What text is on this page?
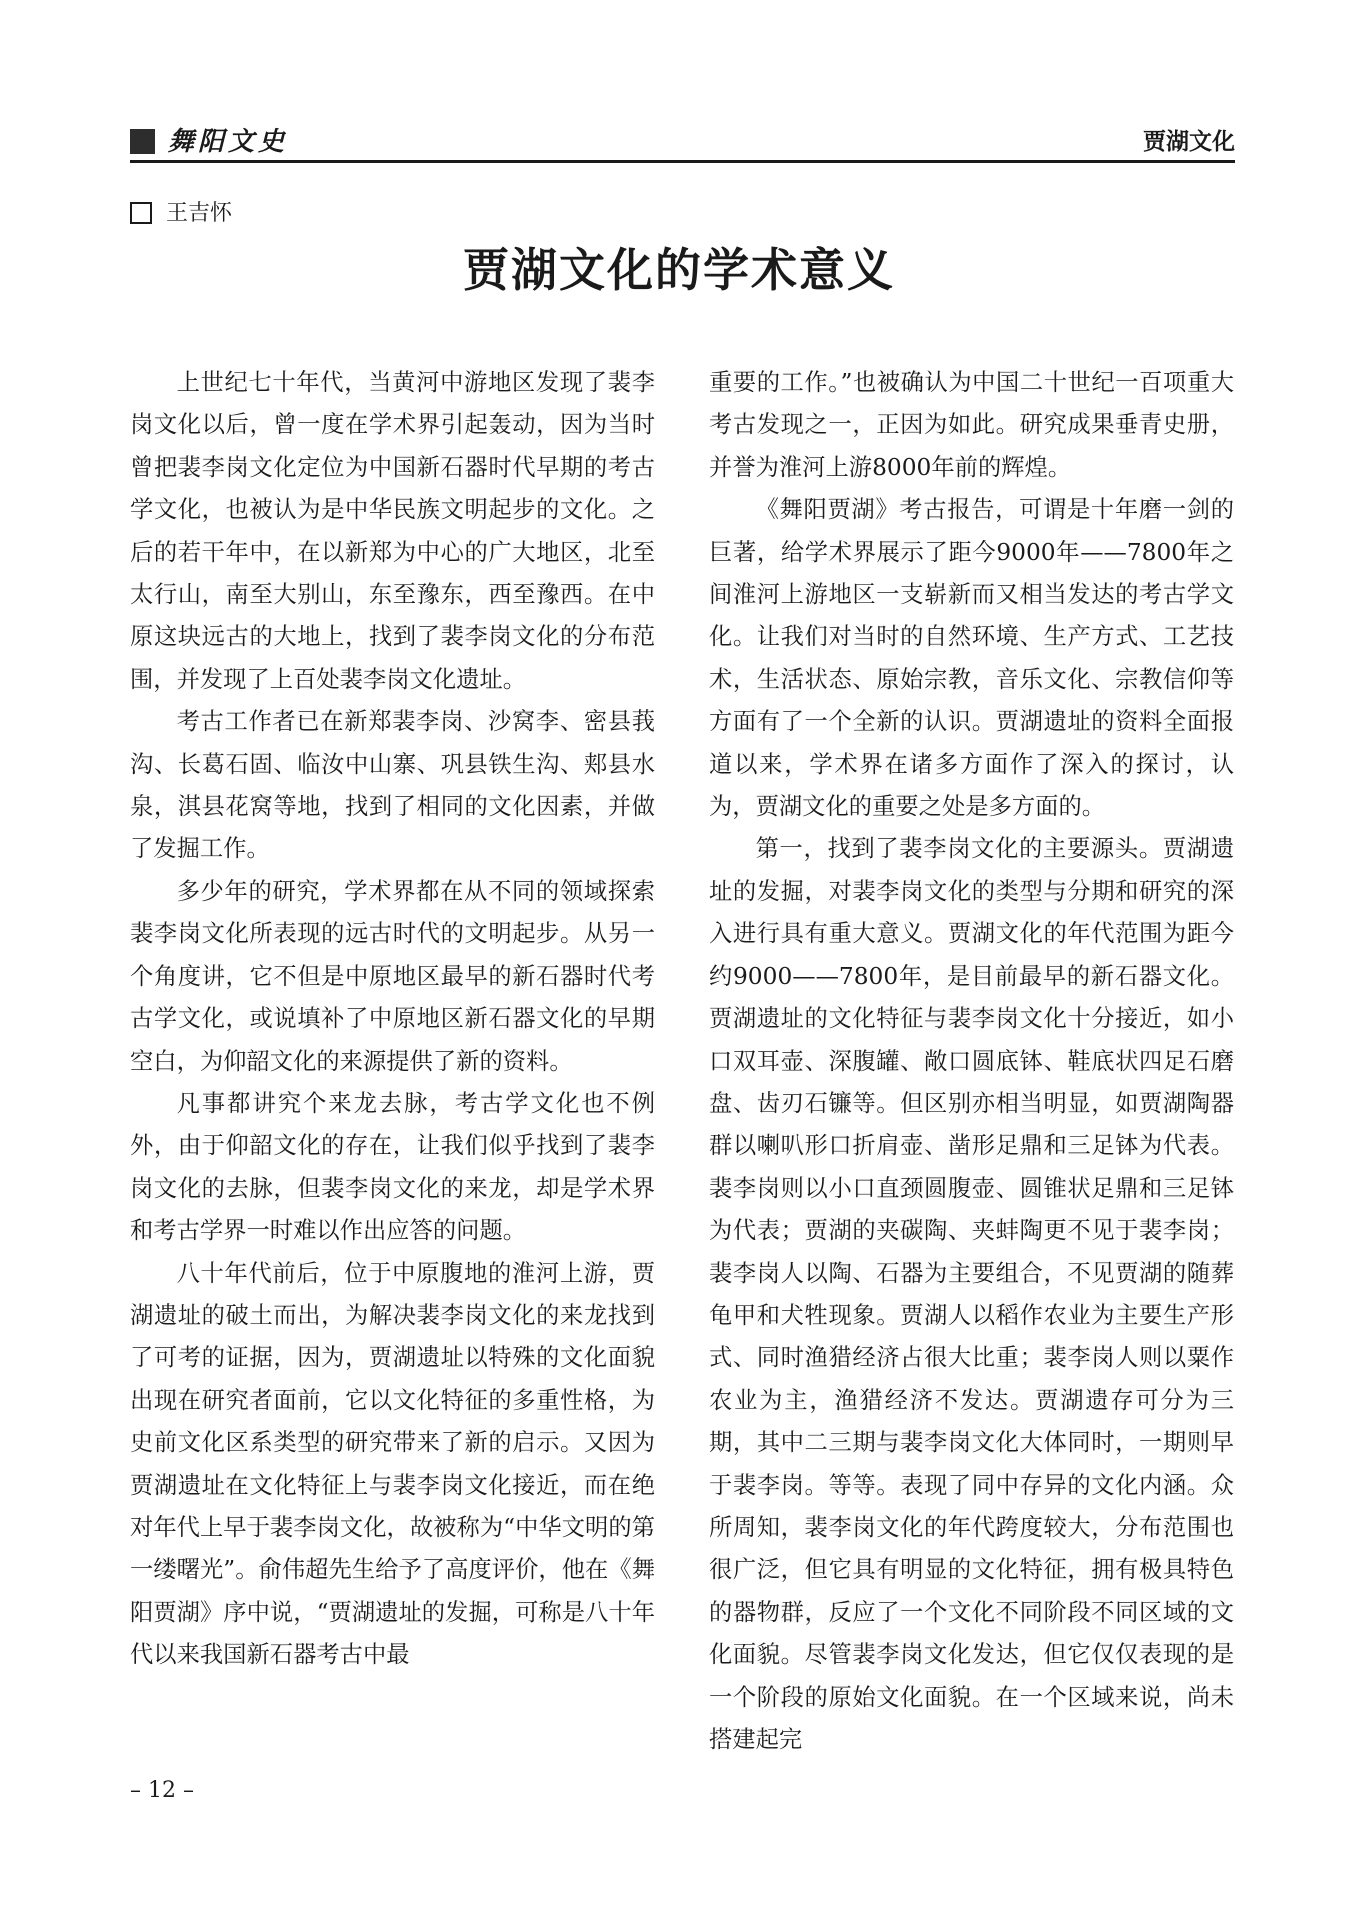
舞阳文史	贾湖文化
王吉怀
贾湖文化的学术意义

上世纪七十年代，当黄河中游地区发现了裴李岗文化以后，曾一度在学术界引起轰动，因为当时曾把裴李岗文化定位为中国新石器时代早期的考古学文化，也被认为是中华民族文明起步的文化。之后的若干年中，在以新郑为中心的广大地区，北至太行山，南至大别山，东至豫东，西至豫西。在中原这块远古的大地上，找到了裴李岗文化的分布范围，并发现了上百处裴李岗文化遗址。

考古工作者已在新郑裴李岗、沙窝李、密县莪沟、长葛石固、临汝中山寨、巩县铁生沟、郏县水泉，淇县花窝等地，找到了相同的文化因素，并做了发掘工作。

多少年的研究，学术界都在从不同的领域探索裴李岗文化所表现的远古时代的文明起步。从另一个角度讲，它不但是中原地区最早的新石器时代考古学文化，或说填补了中原地区新石器文化的早期空白，为仰韶文化的来源提供了新的资料。

凡事都讲究个来龙去脉，考古学文化也不例外，由于仰韶文化的存在，让我们似乎找到了裴李岗文化的去脉，但裴李岗文化的来龙，却是学术界和考古学界一时难以作出应答的问题。

八十年代前后，位于中原腹地的淮河上游，贾湖遗址的破土而出，为解决裴李岗文化的来龙找到了可考的证据，因为，贾湖遗址以特殊的文化面貌出现在研究者面前，它以文化特征的多重性格，为史前文化区系类型的研究带来了新的启示。又因为贾湖遗址在文化特征上与裴李岗文化接近，而在绝对年代上早于裴李岗文化，故被称为“中华文明的第一缕曙光”。俞伟超先生给予了高度评价，他在《舞阳贾湖》序中说，“贾湖遗址的发掘，可称是八十年代以来我国新石器考古中最

重要的工作。”也被确认为中国二十世纪一百项重大考古发现之一，正因为如此。研究成果垂青史册，并誉为淮河上游8000年前的辉煌。

《舞阳贾湖》考古报告，可谓是十年磨一剑的巨著，给学术界展示了距今9000年——7800年之间淮河上游地区一支崭新而又相当发达的考古学文化。让我们对当时的自然环境、生产方式、工艺技术，生活状态、原始宗教，音乐文化、宗教信仰等方面有了一个全新的认识。贾湖遗址的资料全面报道以来，学术界在诸多方面作了深入的探讨，认为，贾湖文化的重要之处是多方面的。

第一，找到了裴李岗文化的主要源头。贾湖遗址的发掘，对裴李岗文化的类型与分期和研究的深入进行具有重大意义。贾湖文化的年代范围为距今约9000——7800年，是目前最早的新石器文化。贾湖遗址的文化特征与裴李岗文化十分接近，如小口双耳壶、深腹罐、敞口圆底钵、鞋底状四足石磨盘、齿刃石镰等。但区别亦相当明显，如贾湖陶器群以喇叭形口折肩壶、凿形足鼎和三足钵为代表。裴李岗则以小口直颈圆腹壶、圆锥状足鼎和三足钵为代表；贾湖的夹碳陶、夹蚌陶更不见于裴李岗；裴李岗人以陶、石器为主要组合，不见贾湖的随葬龟甲和犬牲现象。贾湖人以稻作农业为主要生产形式、同时渔猎经济占很大比重；裴李岗人则以粟作农业为主，渔猎经济不发达。贾湖遗存可分为三期，其中二三期与裴李岗文化大体同时，一期则早于裴李岗。等等。表现了同中存异的文化内涵。众所周知，裴李岗文化的年代跨度较大，分布范围也很广泛，但它具有明显的文化特征，拥有极具特色的器物群，反应了一个文化不同阶段不同区域的文化面貌。尽管裴李岗文化发达，但它仅仅表现的是一个阶段的原始文化面貌。在一个区域来说，尚未搭建起完

– 12 –
